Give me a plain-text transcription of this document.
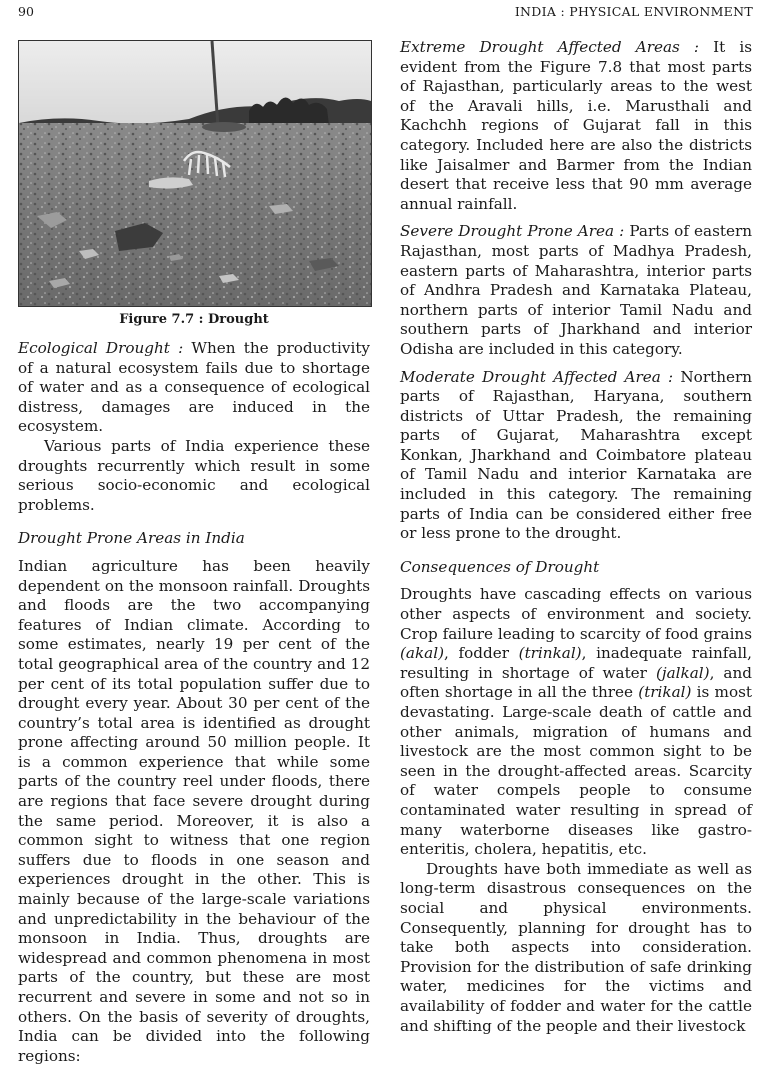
90	INDIA : PHYSICAL ENVIRONMENT
Figure 7.7 : Drought

Ecological Drought : When the productivity of a natural ecosystem fails due to shortage of water and as a consequence of ecological distress, damages are induced in the ecosystem.

Various parts of India experience these droughts recurrently which result in some serious socio-economic and ecological problems.

Drought Prone Areas in India

Indian agriculture has been heavily dependent on the monsoon rainfall. Droughts and floods are the two accompanying features of Indian climate. According to some estimates, nearly 19 per cent of the total geographical area of the country and 12 per cent of its total population suffer due to drought every year. About 30 per cent of the country’s total area is identified as drought prone affecting around 50 million people. It is a common experience that while some parts of the country reel under floods, there are regions that face severe drought during the same period. Moreover, it is also a common sight to witness that one region suffers due to floods in one season and experiences drought in the other. This is mainly because of the large-scale variations and unpredictability in the behaviour of the monsoon in India. Thus, droughts are widespread and common phenomena in most parts of the country, but these are most recurrent and severe in some and not so in others. On the basis of severity of droughts, India can be divided into the following regions:

Extreme Drought Affected Areas : It is evident from the Figure 7.8 that most parts of Rajasthan, particularly areas to the west of the Aravali hills, i.e. Marusthali and Kachchh regions of Gujarat fall in this category. Included here are also the districts like Jaisalmer and Barmer from the Indian desert that receive less that 90 mm average annual rainfall.

Severe Drought Prone Area : Parts of eastern Rajasthan, most parts of Madhya Pradesh, eastern parts of Maharashtra, interior parts of Andhra Pradesh and Karnataka Plateau, northern parts of interior Tamil Nadu and southern parts of Jharkhand and interior Odisha are included in this category.

Moderate Drought Affected Area : Northern parts of Rajasthan, Haryana, southern districts of Uttar Pradesh, the remaining parts of Gujarat, Maharashtra except Konkan, Jharkhand and Coimbatore plateau of Tamil Nadu and interior Karnataka are included in this category. The remaining parts of India can be considered either free or less prone to the drought.

Consequences of Drought

Droughts have cascading effects on various other aspects of environment and society. Crop failure leading to scarcity of food grains (akal), fodder (trinkal), inadequate rainfall, resulting in shortage of water (jalkal), and often shortage in all the three (trikal) is most devastating. Large-scale death of cattle and other animals, migration of humans and livestock are the most common sight to be seen in the drought-affected areas. Scarcity of water compels people to consume contaminated water resulting in spread of many waterborne diseases like gastro-enteritis, cholera, hepatitis, etc.

Droughts have both immediate as well as long-term disastrous consequences on the social and physical environments. Consequently, planning for drought has to take both aspects into consideration. Provision for the distribution of safe drinking water, medicines for the victims and availability of fodder and water for the cattle and shifting of the people and their livestock
